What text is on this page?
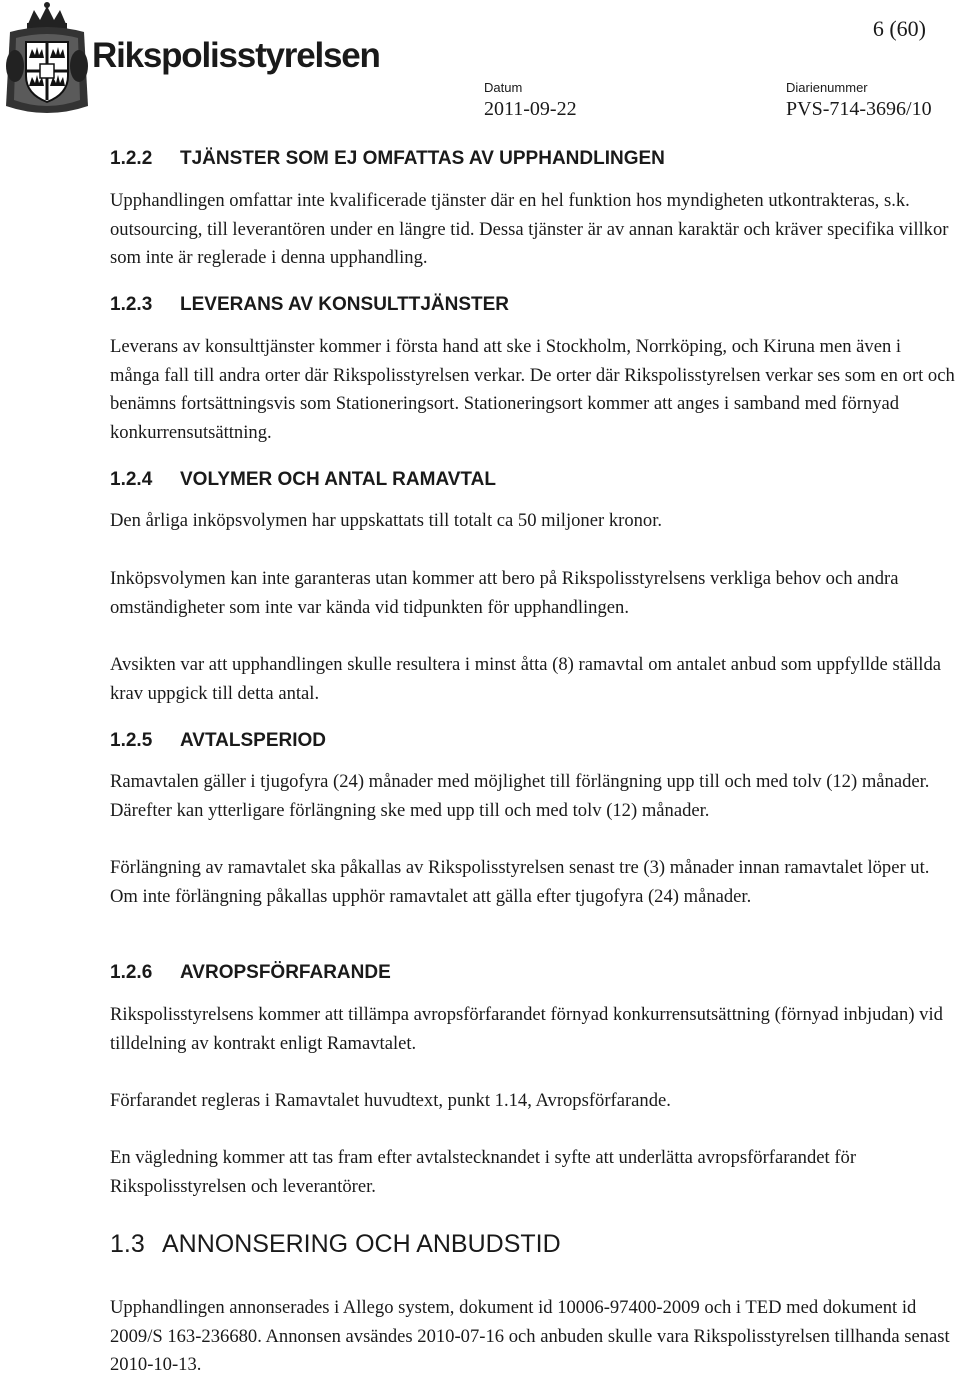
Rikspolisstyrelsen
6 (60)
Datum	Diarienummer
2011-09-22	PVS-714-3696/10
1.2.2 TJÄNSTER SOM EJ OMFATTAS AV UPPHANDLINGEN

Upphandlingen omfattar inte kvalificerade tjänster där en hel funktion hos myndigheten utkontrakteras, s.k. outsourcing, till leverantören under en längre tid. Dessa tjänster är av annan karaktär och kräver specifika villkor som inte är reglerade i denna upphandling.

1.2.3 LEVERANS AV KONSULTTJÄNSTER

Leverans av konsulttjänster kommer i första hand att ske i Stockholm, Norrköping, och Kiruna men även i många fall till andra orter där Rikspolisstyrelsen verkar. De orter där Rikspolisstyrelsen verkar ses som en ort och benämns fortsättningsvis som Stationeringsort. Stationeringsort kommer att anges i samband med förnyad konkurrensutsättning.

1.2.4 VOLYMER OCH ANTAL RAMAVTAL

Den årliga inköpsvolymen har uppskattats till totalt ca 50 miljoner kronor.

Inköpsvolymen kan inte garanteras utan kommer att bero på Rikspolisstyrelsens verkliga behov och andra omständigheter som inte var kända vid tidpunkten för upphandlingen.

Avsikten var att upphandlingen skulle resultera i minst åtta (8) ramavtal om antalet anbud som uppfyllde ställda krav uppgick till detta antal.

1.2.5 AVTALSPERIOD

Ramavtalen gäller i tjugofyra (24) månader med möjlighet till förlängning upp till och med tolv (12) månader. Därefter kan ytterligare förlängning ske med upp till och med tolv (12) månader.

Förlängning av ramavtalet ska påkallas av Rikspolisstyrelsen senast tre (3) månader innan ramavtalet löper ut. Om inte förlängning påkallas upphör ramavtalet att gälla efter tjugofyra (24) månader.

1.2.6 AVROPSFÖRFARANDE

Rikspolisstyrelsens kommer att tillämpa avropsförfarandet förnyad konkurrensutsättning (förnyad inbjudan) vid tilldelning av kontrakt enligt Ramavtalet.

Förfarandet regleras i Ramavtalet huvudtext, punkt 1.14, Avropsförfarande.

En vägledning kommer att tas fram efter avtalstecknandet i syfte att underlätta avropsförfarandet för Rikspolisstyrelsen och leverantörer.

1.3 ANNONSERING OCH ANBUDSTID

Upphandlingen annonserades i Allego system, dokument id 10006-97400-2009 och i TED med dokument id 2009/S 163-236680. Annonsen avsändes 2010-07-16 och anbuden skulle vara Rikspolisstyrelsen tillhanda senast 2010-10-13.
